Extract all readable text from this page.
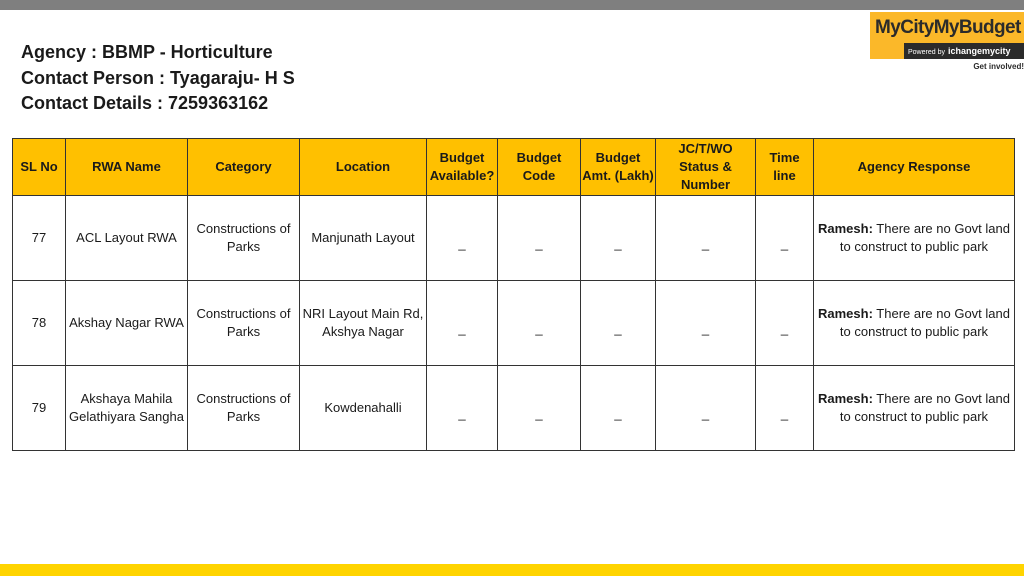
Agency : BBMP - Horticulture
Contact Person : Tyagaraju- H S
Contact Details : 7259363162
MyCityMyBudget
Powered by ichangemycity
Get involved!
SL No	RWA Name	Category	Location	Budget Available?	Budget Code	Budget Amt. (Lakh)	JC/T/WO Status & Number	Time line	Agency Response
77	ACL Layout RWA	Constructions of Parks	Manjunath Layout	_	_	_	_	_	Ramesh: There are no Govt land to construct to public park
78	Akshay Nagar RWA	Constructions of Parks	NRI Layout Main Rd, Akshya Nagar	_	_	_	_	_	Ramesh: There are no Govt land to construct to public park
79	Akshaya Mahila Gelathiyara Sangha	Constructions of Parks	Kowdenahalli	_	_	_	_	_	Ramesh: There are no Govt land to construct to public park
